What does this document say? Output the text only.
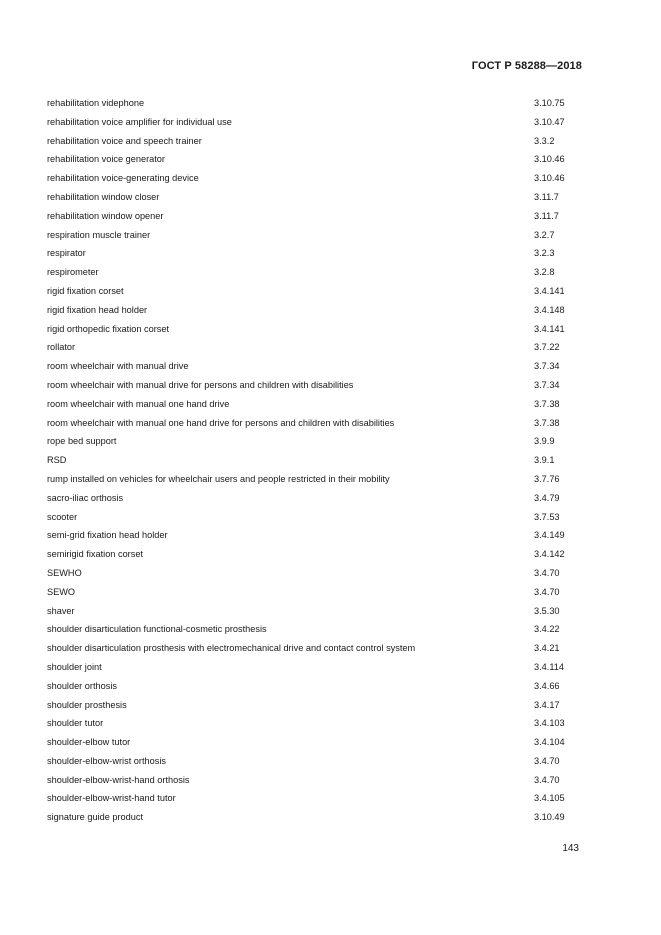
ГОСТ Р 58288—2018
rehabilitation videphone	3.10.75
rehabilitation voice amplifier for individual use	3.10.47
rehabilitation voice and speech trainer	3.3.2
rehabilitation voice generator	3.10.46
rehabilitation voice-generating device	3.10.46
rehabilitation window closer	3.11.7
rehabilitation window opener	3.11.7
respiration muscle trainer	3.2.7
respirator	3.2.3
respirometer	3.2.8
rigid fixation corset	3.4.141
rigid fixation head holder	3.4.148
rigid orthopedic fixation corset	3.4.141
rollator	3.7.22
room wheelchair with manual drive	3.7.34
room wheelchair with manual drive for persons and children with disabilities	3.7.34
room wheelchair with manual one hand drive	3.7.38
room wheelchair with manual one hand drive for persons and children with disabilities	3.7.38
rope bed support	3.9.9
RSD	3.9.1
rump installed on vehicles for wheelchair users and people restricted in their mobility	3.7.76
sacro-iliac orthosis	3.4.79
scooter	3.7.53
semi-grid fixation head holder	3.4.149
semirigid fixation corset	3.4.142
SEWHO	3.4.70
SEWO	3.4.70
shaver	3.5.30
shoulder disarticulation functional-cosmetic prosthesis	3.4.22
shoulder disarticulation prosthesis with electromechanical drive and contact control system	3.4.21
shoulder joint	3.4.114
shoulder orthosis	3.4.66
shoulder prosthesis	3.4.17
shoulder tutor	3.4.103
shoulder-elbow tutor	3.4.104
shoulder-elbow-wrist orthosis	3.4.70
shoulder-elbow-wrist-hand orthosis	3.4.70
shoulder-elbow-wrist-hand tutor	3.4.105
signature guide product	3.10.49
143
